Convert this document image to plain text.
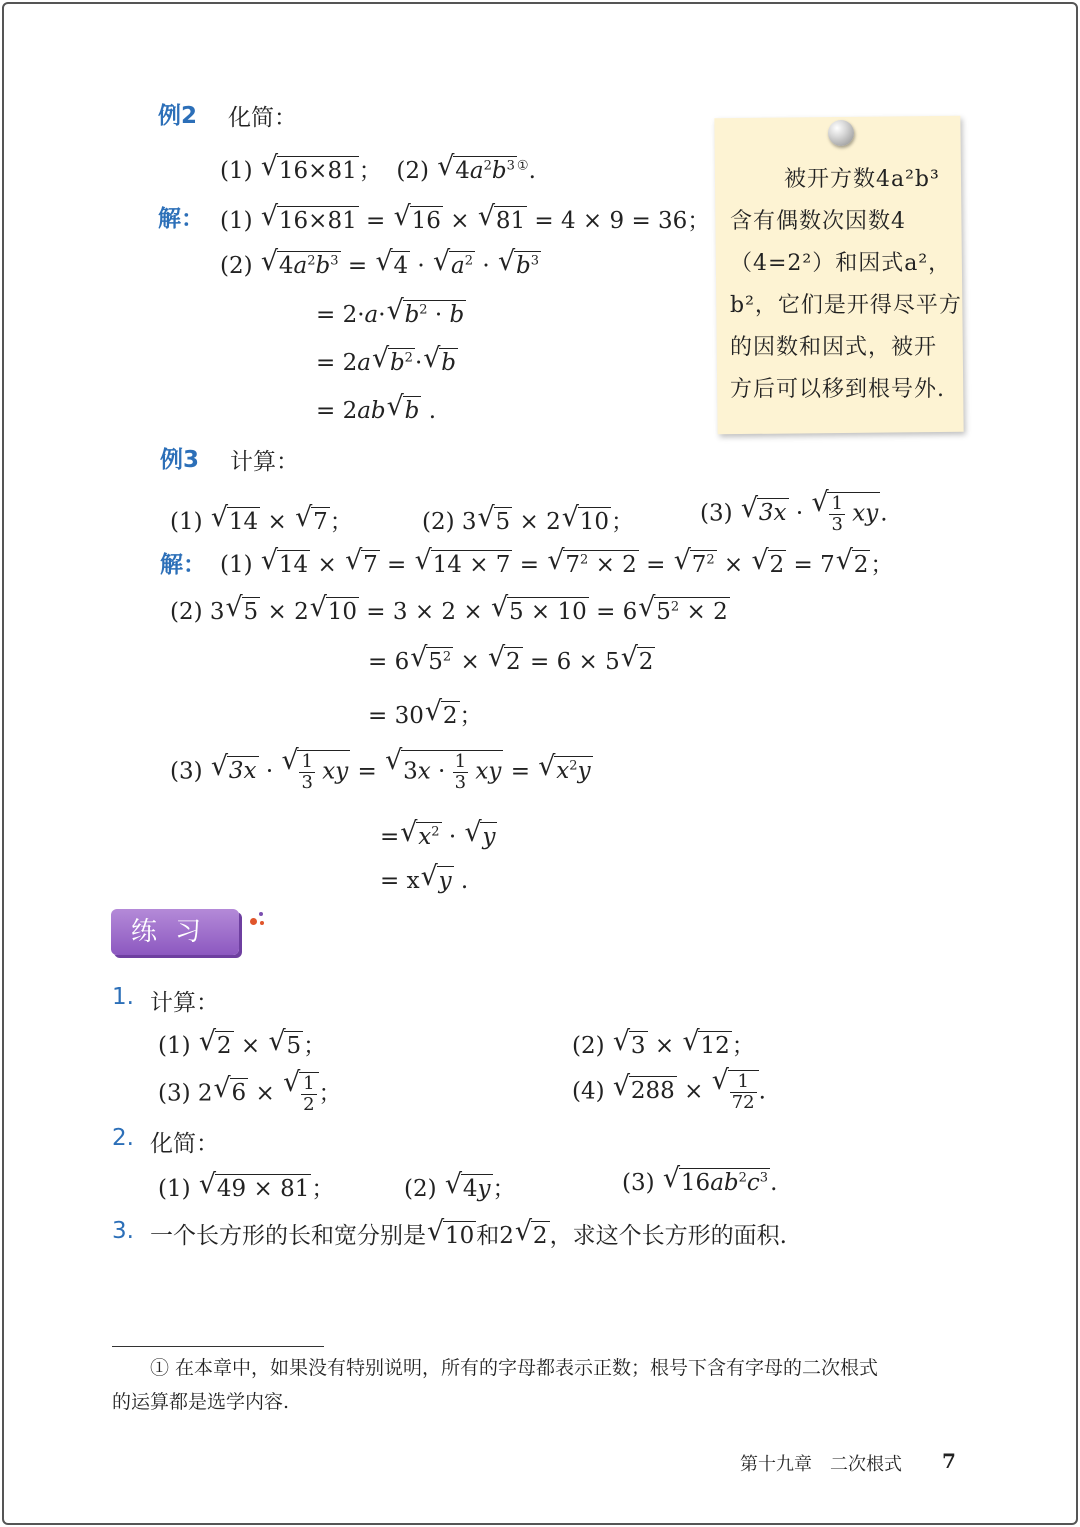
例2 化简：
(1) √ 16×81； (2) √ $4a^2b^3$ ①.
解： (1) √ 16×81 = √ 16 × √ 81 = 4 × 9 = 36；
(2) √ $4a^2b^3$ = √ 4 · √ $a^2$ · √ $b^3$
= 2·a·√ $b^2 \cdot b$
= 2a√ $b^2\cdot√$ b
= 2ab√ b .
被开方数4a²b³
含有偶数次因数4
（4=2²）和因式a²，
b²，它们是开得尽平方
的因数和因式，被开
方后可以移到根号外.
例3 计算：
(1) √ 14 × √ 7；	(2) 3√ 5 × 2√ 10；	(3) √ 3x ·
√ $\frac{1}{3}$ xy.
解： (1) √ 14 × √ 7 = √ 14 × 7 = √ $7^2 \times 2$ = √ $7^2$ × √ 2 = 7√ 2；
(2) 3√ 5 × 2√ 10 = 3 × 2 × √ 5 × 10 = 6√ $5^2 \times 2$
= 6√ $5^2$ × √ 2 = 6 × 5√ 2
= 30√ 2；
(3) √ 3x ·
√ $\frac{1}{3}$ xy = √ $3x \cdot \frac{1}{3}$ xy = √ $x^2y$
=√ $x^2$ · √ y
= x√ y .
练习
1. 计算：
(1) √ 2 × √ 5；	(2) √ 3 × √ 12；
(3) 2√ 6 ×
√ $\frac{1}{2}$ ；	(4) √ 288 ×
√ $\frac{1}{72}$ .
2. 化简：
(1) √ 49 × 81；	(2) √ 4y；	(3) √ $16ab^2c^3$.
3. 一个长方形的长和宽分别是√ 10和2√ 2，求这个长方形的面积.
① 在本章中，如果没有特别说明，所有的字母都表示正数；根号下含有字母的二次根式
的运算都是选学内容.
第十九章　二次根式 7
